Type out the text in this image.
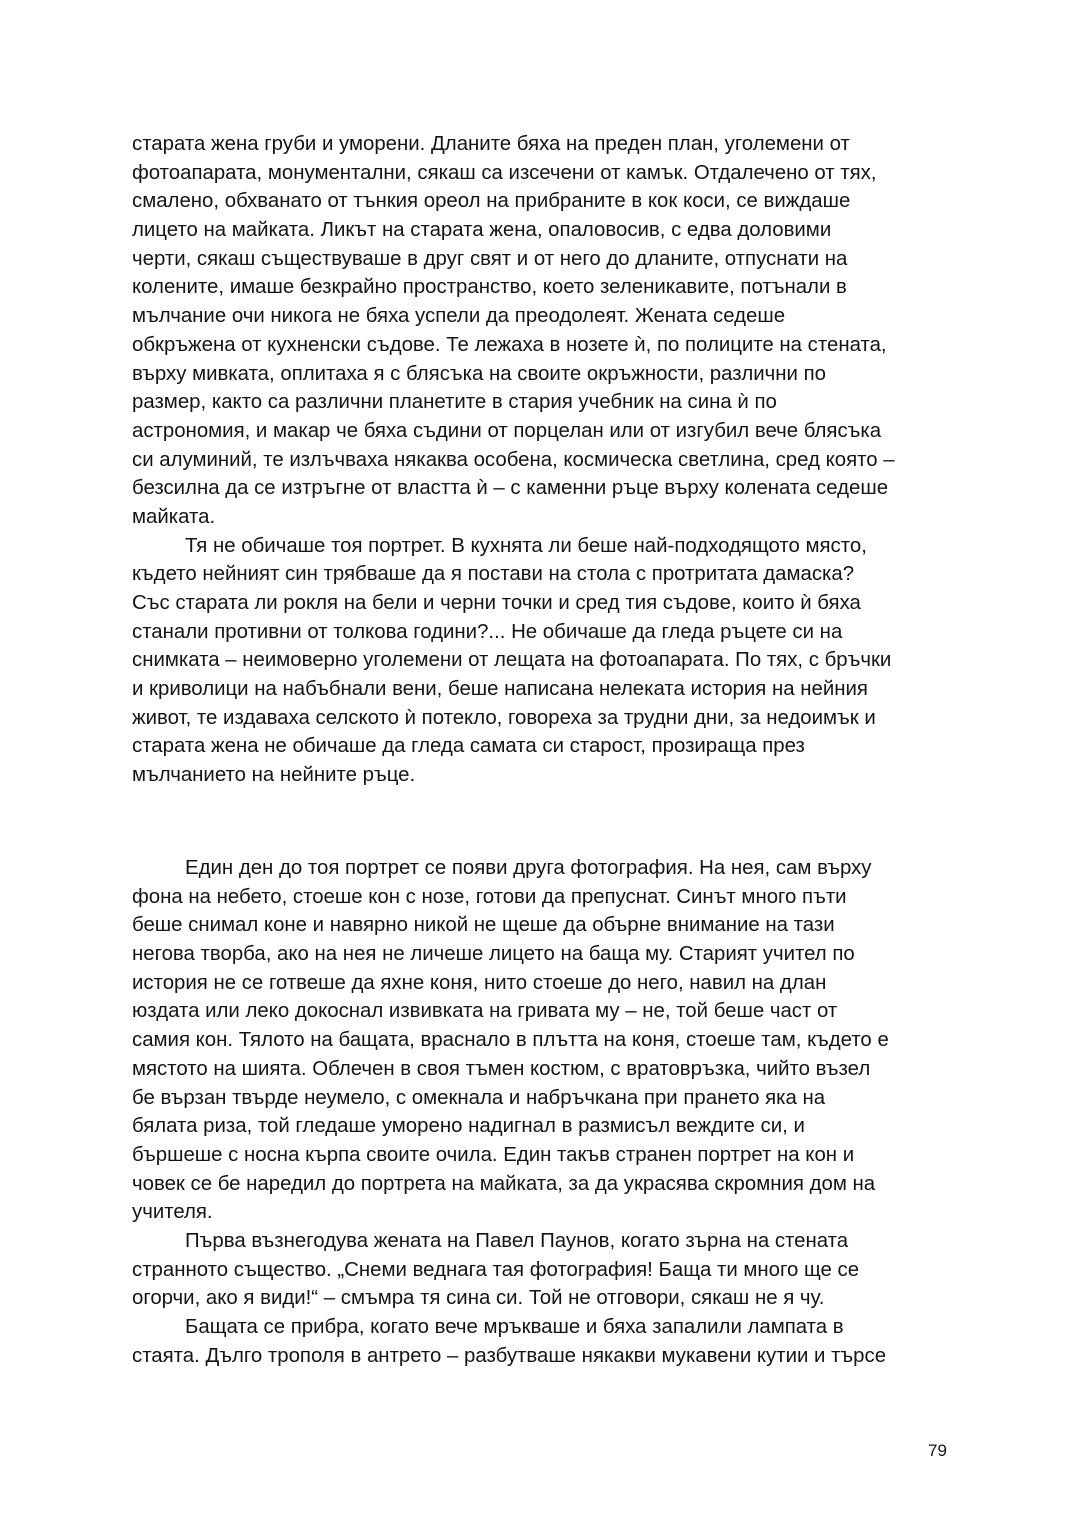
старата жена груби и уморени. Дланите бяха на преден план, уголемени от
фотоапарата, монументални, сякаш са изсечени от камък. Отдалечено от тях,
смалено, обхванато от тънкия ореол на прибраните в кок коси, се виждаше
лицето на майката. Ликът на старата жена, опаловосив, с едва доловими
черти, сякаш съществуваше в друг свят и от него до дланите, отпуснати на
колените, имаше безкрайно пространство, което зеленикавите, потънали в
мълчание очи никога не бяха успели да преодолеят. Жената седеше
обкръжена от кухненски съдове. Те лежаха в нозете ѝ, по полиците на стената,
върху мивката, оплитаха я с блясъка на своите окръжности, различни по
размер, както са различни планетите в стария учебник на сина ѝ по
астрономия, и макар че бяха съдини от порцелан или от изгубил вече блясъка
си алуминий, те излъчваха някаква особена, космическа светлина, сред която –
безсилна да се изтръгне от властта ѝ – с каменни ръце върху колената седеше
майката.
Тя не обичаше тоя портрет. В кухнята ли беше най-подходящото място,
където нейният син трябваше да я постави на стола с протритата дамаска?
Със старата ли рокля на бели и черни точки и сред тия съдове, които ѝ бяха
станали противни от толкова години?... Не обичаше да гледа ръцете си на
снимката – неимоверно уголемени от лещата на фотоапарата. По тях, с бръчки
и криволици на набъбнали вени, беше написана нелеката история на нейния
живот, те издаваха селското ѝ потекло, говореха за трудни дни, за недоимък и
старата жена не обичаше да гледа самата си старост, прозираща през
мълчанието на нейните ръце.
Един ден до тоя портрет се появи друга фотография. На нея, сам върху
фона на небето, стоеше кон с нозе, готови да препуснат. Синът много пъти
беше снимал коне и навярно никой не щеше да обърне внимание на тази
негова творба, ако на нея не личеше лицето на баща му. Старият учител по
история не се готвеше да яхне коня, нито стоеше до него, навил на длан
юздата или леко докоснал извивката на гривата му – не, той беше част от
самия кон. Тялото на бащата, враснало в плътта на коня, стоеше там, където е
мястото на шията. Облечен в своя тъмен костюм, с вратовръзка, чийто възел
бе вързан твърде неумело, с омекнала и набръчкана при прането яка на
бялата риза, той гледаше уморено надигнал в размисъл веждите си, и
бършеше с носна кърпа своите очила. Един такъв странен портрет на кон и
човек се бе наредил до портрета на майката, за да украсява скромния дом на
учителя.
Първа възнегодува жената на Павел Паунов, когато зърна на стената
странното същество. „Снеми веднага тая фотография! Баща ти много ще се
огорчи, ако я види!“ – смъмра тя сина си. Той не отговори, сякаш не я чу.
Бащата се прибра, когато вече мръкваше и бяха запалили лампата в
стаята. Дълго трополя в антрето – разбутваше някакви мукавени кутии и търсе
79
